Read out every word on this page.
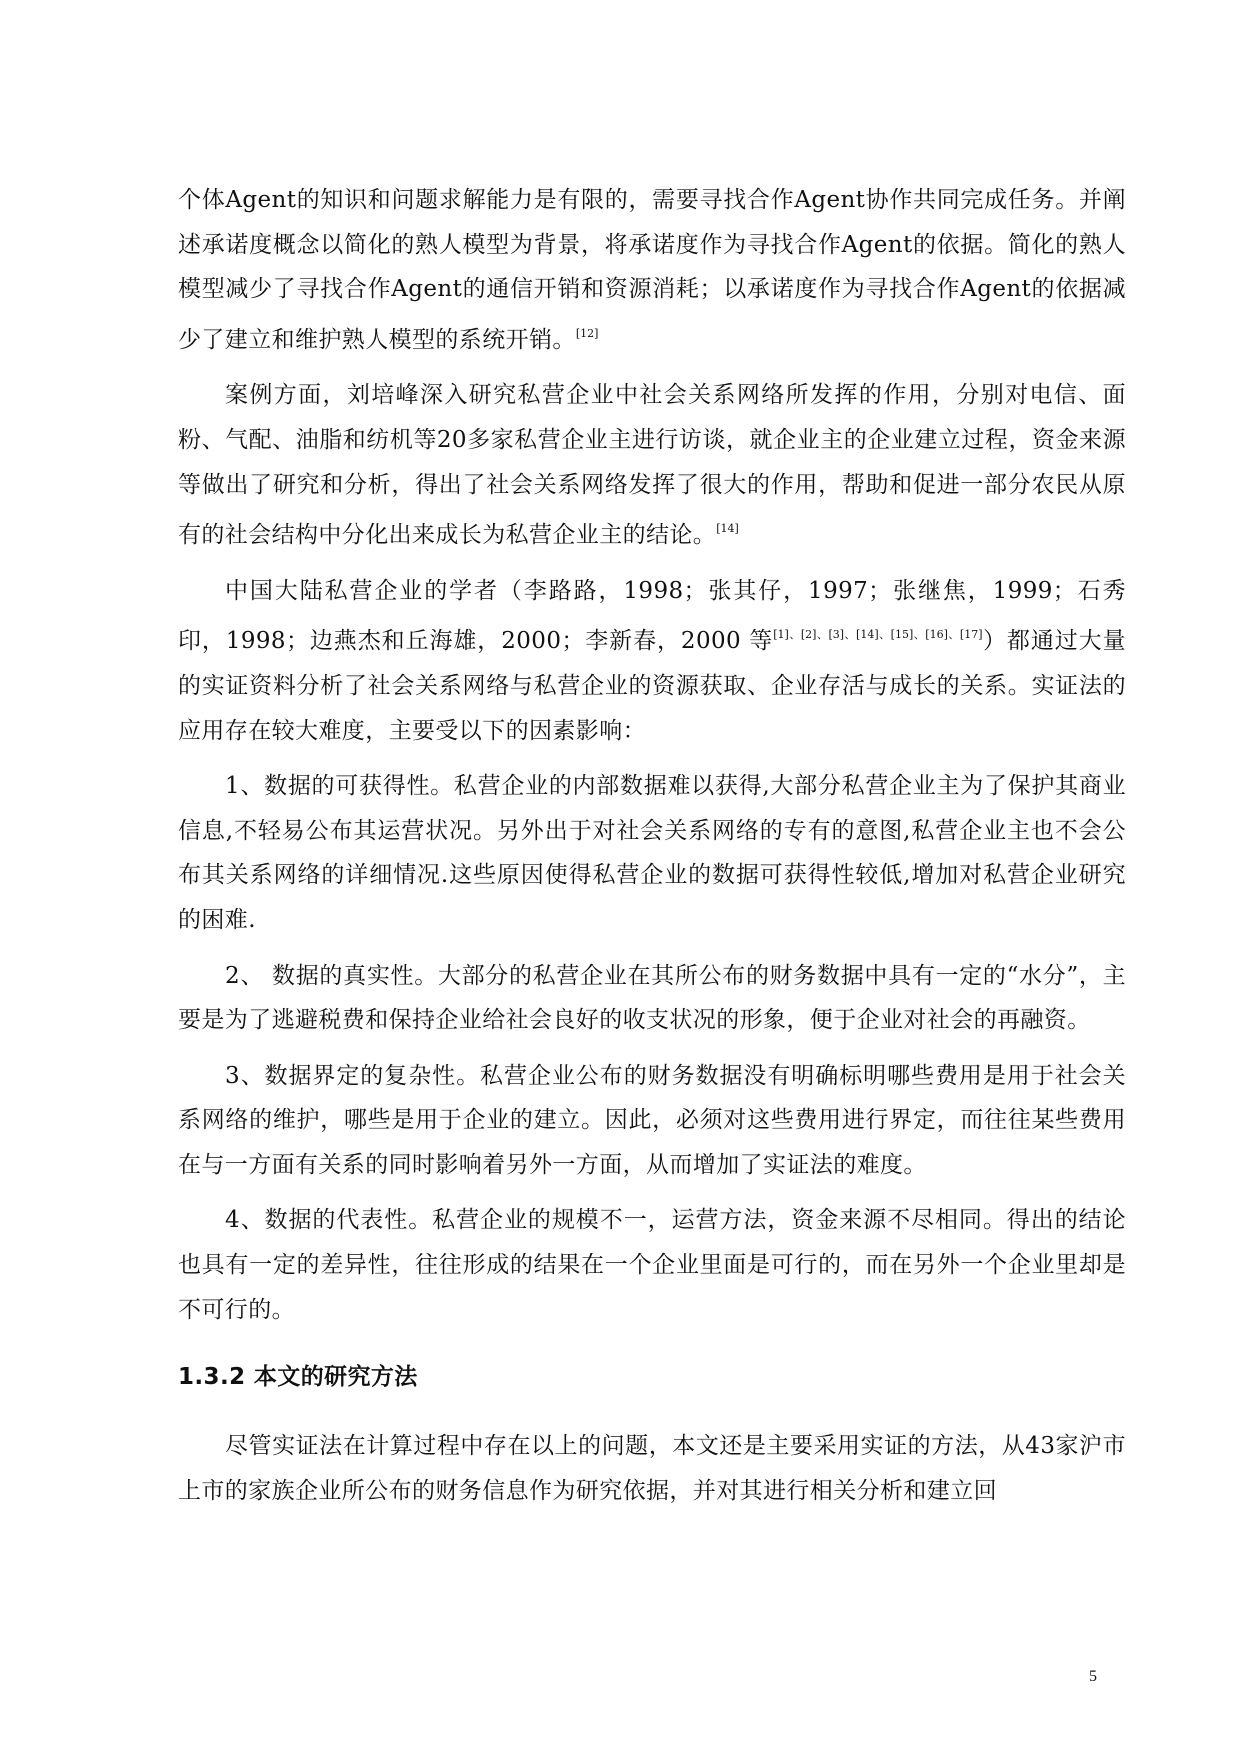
个体Agent的知识和问题求解能力是有限的，需要寻找合作Agent协作共同完成任务。并阐述承诺度概念以简化的熟人模型为背景，将承诺度作为寻找合作Agent的依据。简化的熟人模型减少了寻找合作Agent的通信开销和资源消耗；以承诺度作为寻找合作Agent的依据减少了建立和维护熟人模型的系统开销。[12]

案例方面，刘培峰深入研究私营企业中社会关系网络所发挥的作用，分别对电信、面粉、气配、油脂和纺机等20多家私营企业主进行访谈，就企业主的企业建立过程，资金来源等做出了研究和分析，得出了社会关系网络发挥了很大的作用，帮助和促进一部分农民从原有的社会结构中分化出来成长为私营企业主的结论。[14]

中国大陆私营企业的学者（李路路，1998；张其仔，1997；张继焦，1999；石秀印，1998；边燕杰和丘海雄，2000；李新春，2000 等[1]、[2]、[3]、[14]、[15]、[16]、[17]）都通过大量的实证资料分析了社会关系网络与私营企业的资源获取、企业存活与成长的关系。实证法的应用存在较大难度，主要受以下的因素影响：

1、数据的可获得性。私营企业的内部数据难以获得,大部分私营企业主为了保护其商业信息,不轻易公布其运营状况。另外出于对社会关系网络的专有的意图,私营企业主也不会公布其关系网络的详细情况.这些原因使得私营企业的数据可获得性较低,增加对私营企业研究的困难.

2、 数据的真实性。大部分的私营企业在其所公布的财务数据中具有一定的“水分”，主要是为了逃避税费和保持企业给社会良好的收支状况的形象，便于企业对社会的再融资。

3、数据界定的复杂性。私营企业公布的财务数据没有明确标明哪些费用是用于社会关系网络的维护，哪些是用于企业的建立。因此，必须对这些费用进行界定，而往往某些费用在与一方面有关系的同时影响着另外一方面，从而增加了实证法的难度。

4、数据的代表性。私营企业的规模不一，运营方法，资金来源不尽相同。得出的结论也具有一定的差异性，往往形成的结果在一个企业里面是可行的，而在另外一个企业里却是不可行的。

1.3.2 本文的研究方法

尽管实证法在计算过程中存在以上的问题，本文还是主要采用实证的方法，从43家沪市上市的家族企业所公布的财务信息作为研究依据，并对其进行相关分析和建立回

5
